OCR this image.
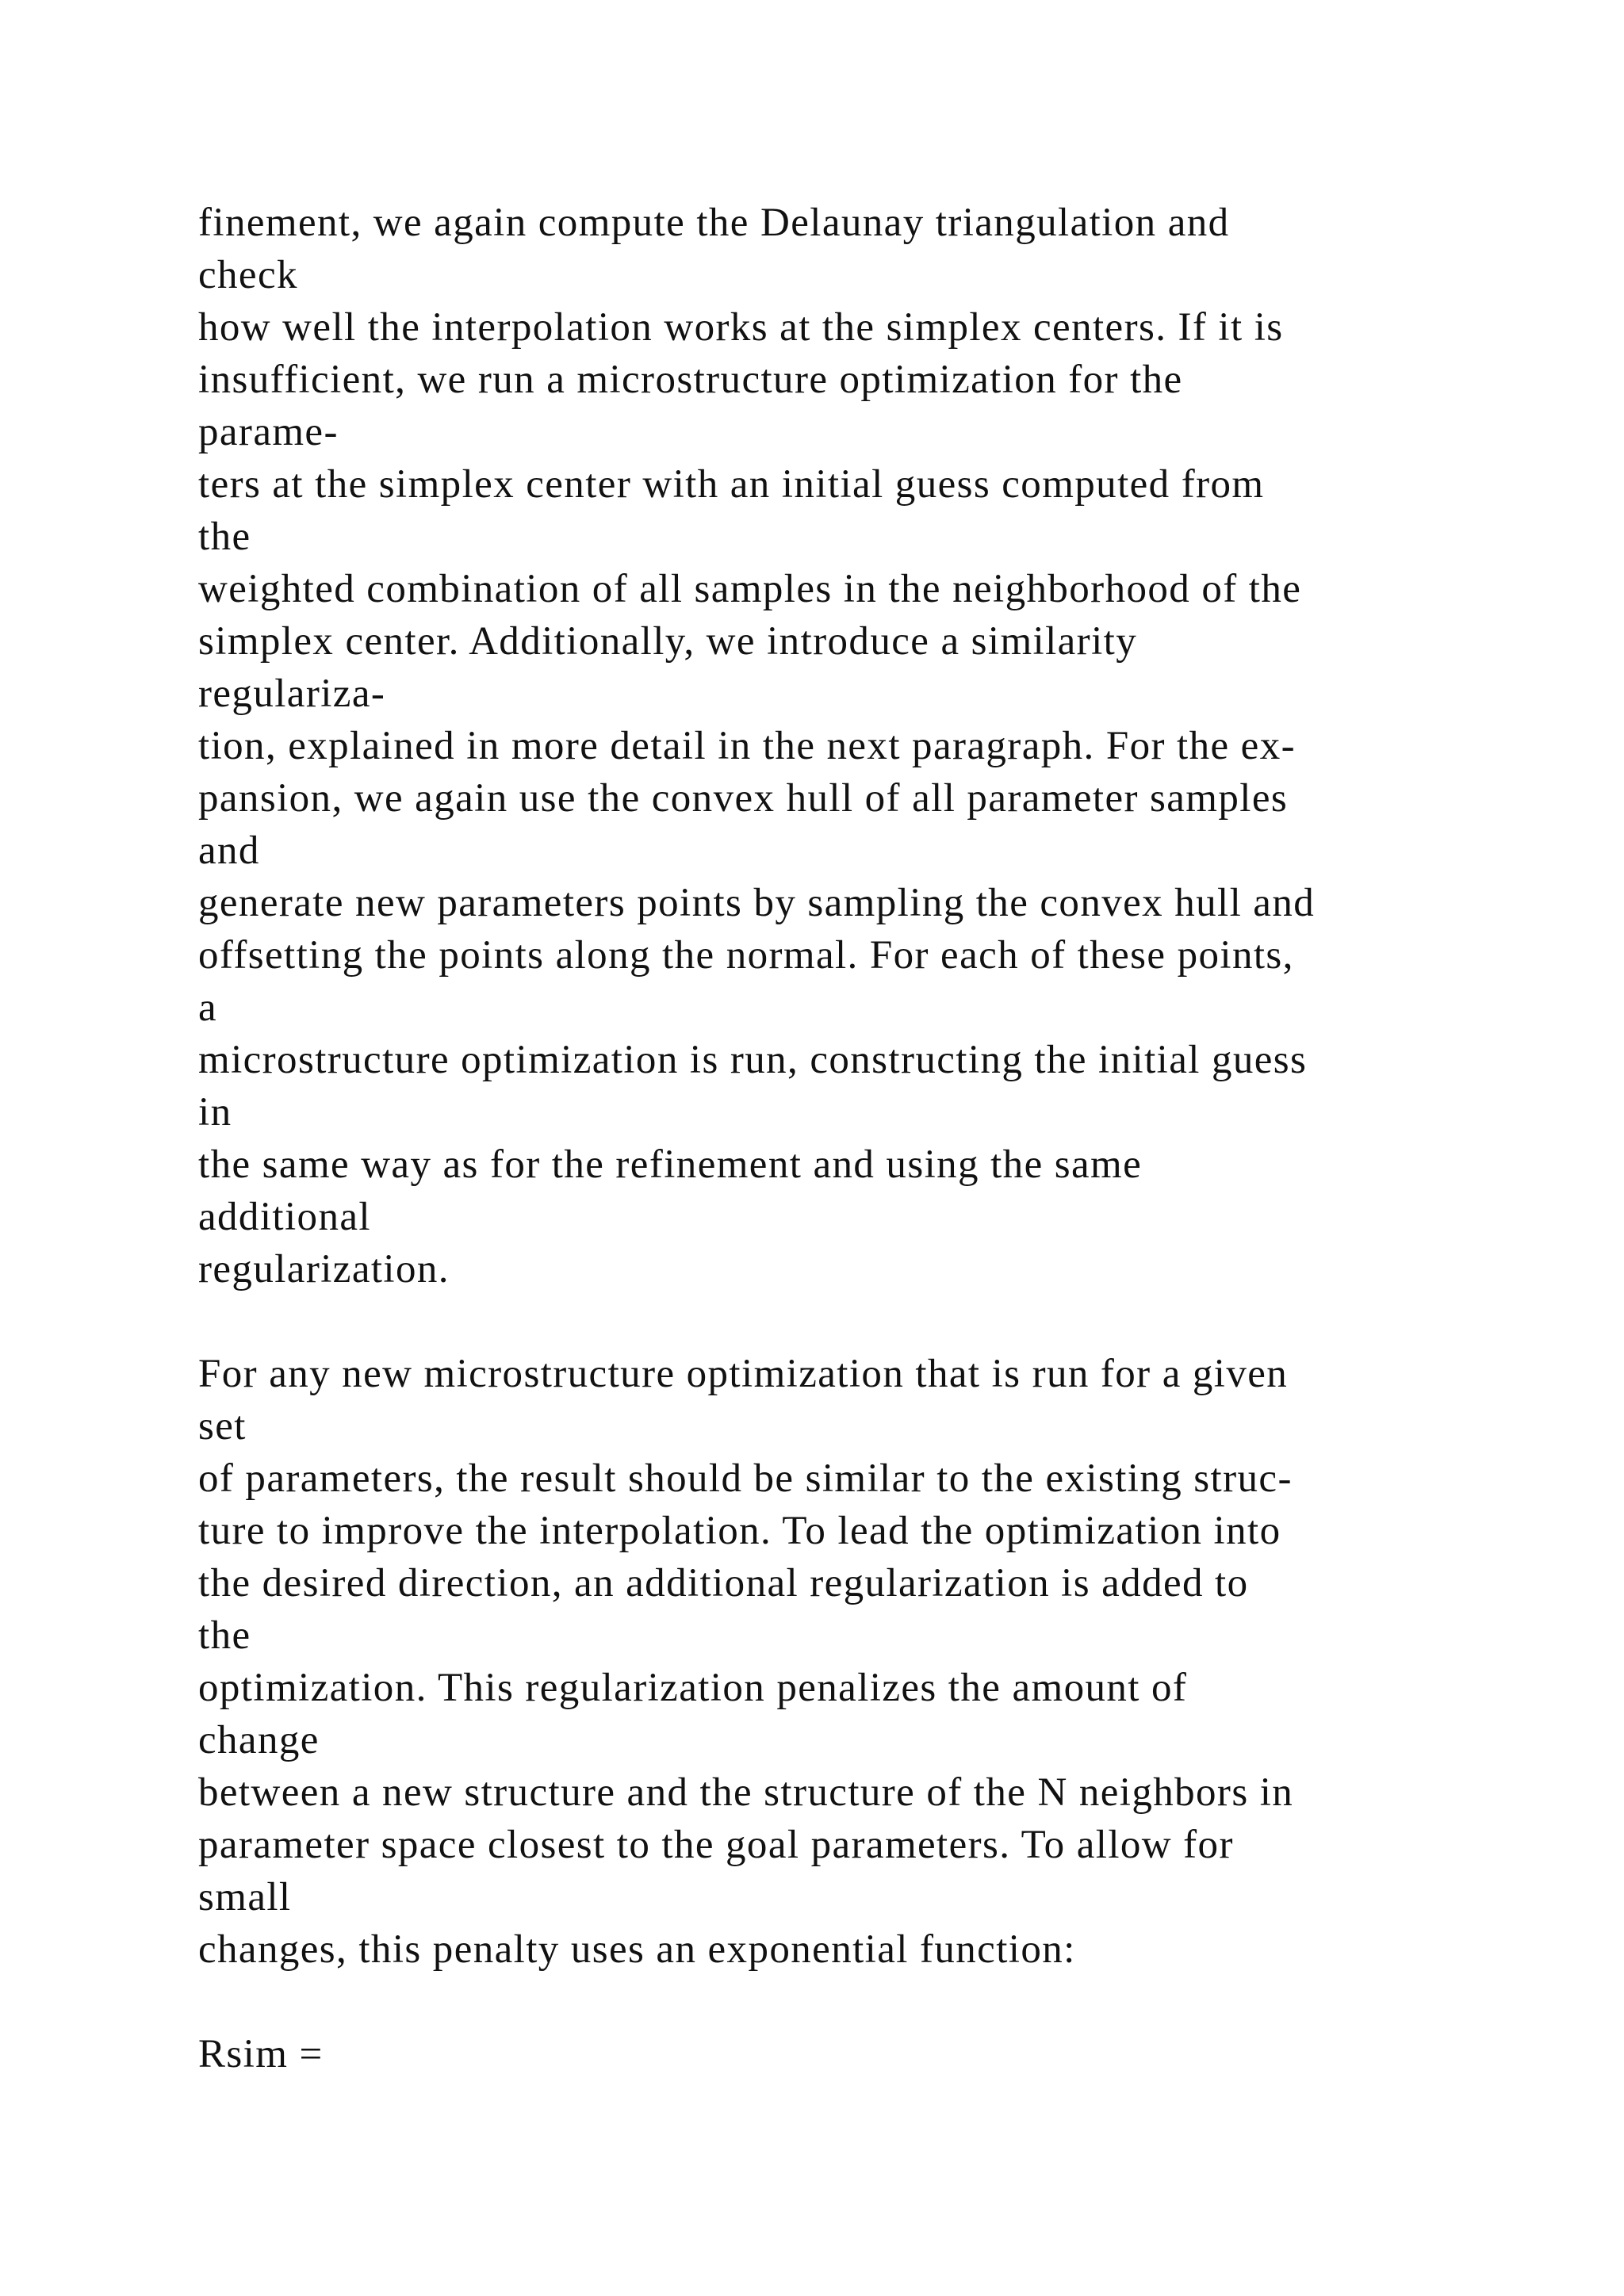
finement, we again compute the Delaunay triangulation and
check
how well the interpolation works at the simplex centers. If it is
insufficient, we run a microstructure optimization for the
parame-
ters at the simplex center with an initial guess computed from
the
weighted combination of all samples in the neighborhood of the
simplex center. Additionally, we introduce a similarity
regulariza-
tion, explained in more detail in the next paragraph. For the ex-
pansion, we again use the convex hull of all parameter samples
and
generate new parameters points by sampling the convex hull and
offsetting the points along the normal. For each of these points,
a
microstructure optimization is run, constructing the initial guess
in
the same way as for the refinement and using the same
additional
regularization.
For any new microstructure optimization that is run for a given
set
of parameters, the result should be similar to the existing struc-
ture to improve the interpolation. To lead the optimization into
the desired direction, an additional regularization is added to
the
optimization. This regularization penalizes the amount of
change
between a new structure and the structure of the N neighbors in
parameter space closest to the goal parameters. To allow for
small
changes, this penalty uses an exponential function:
Rsim =
